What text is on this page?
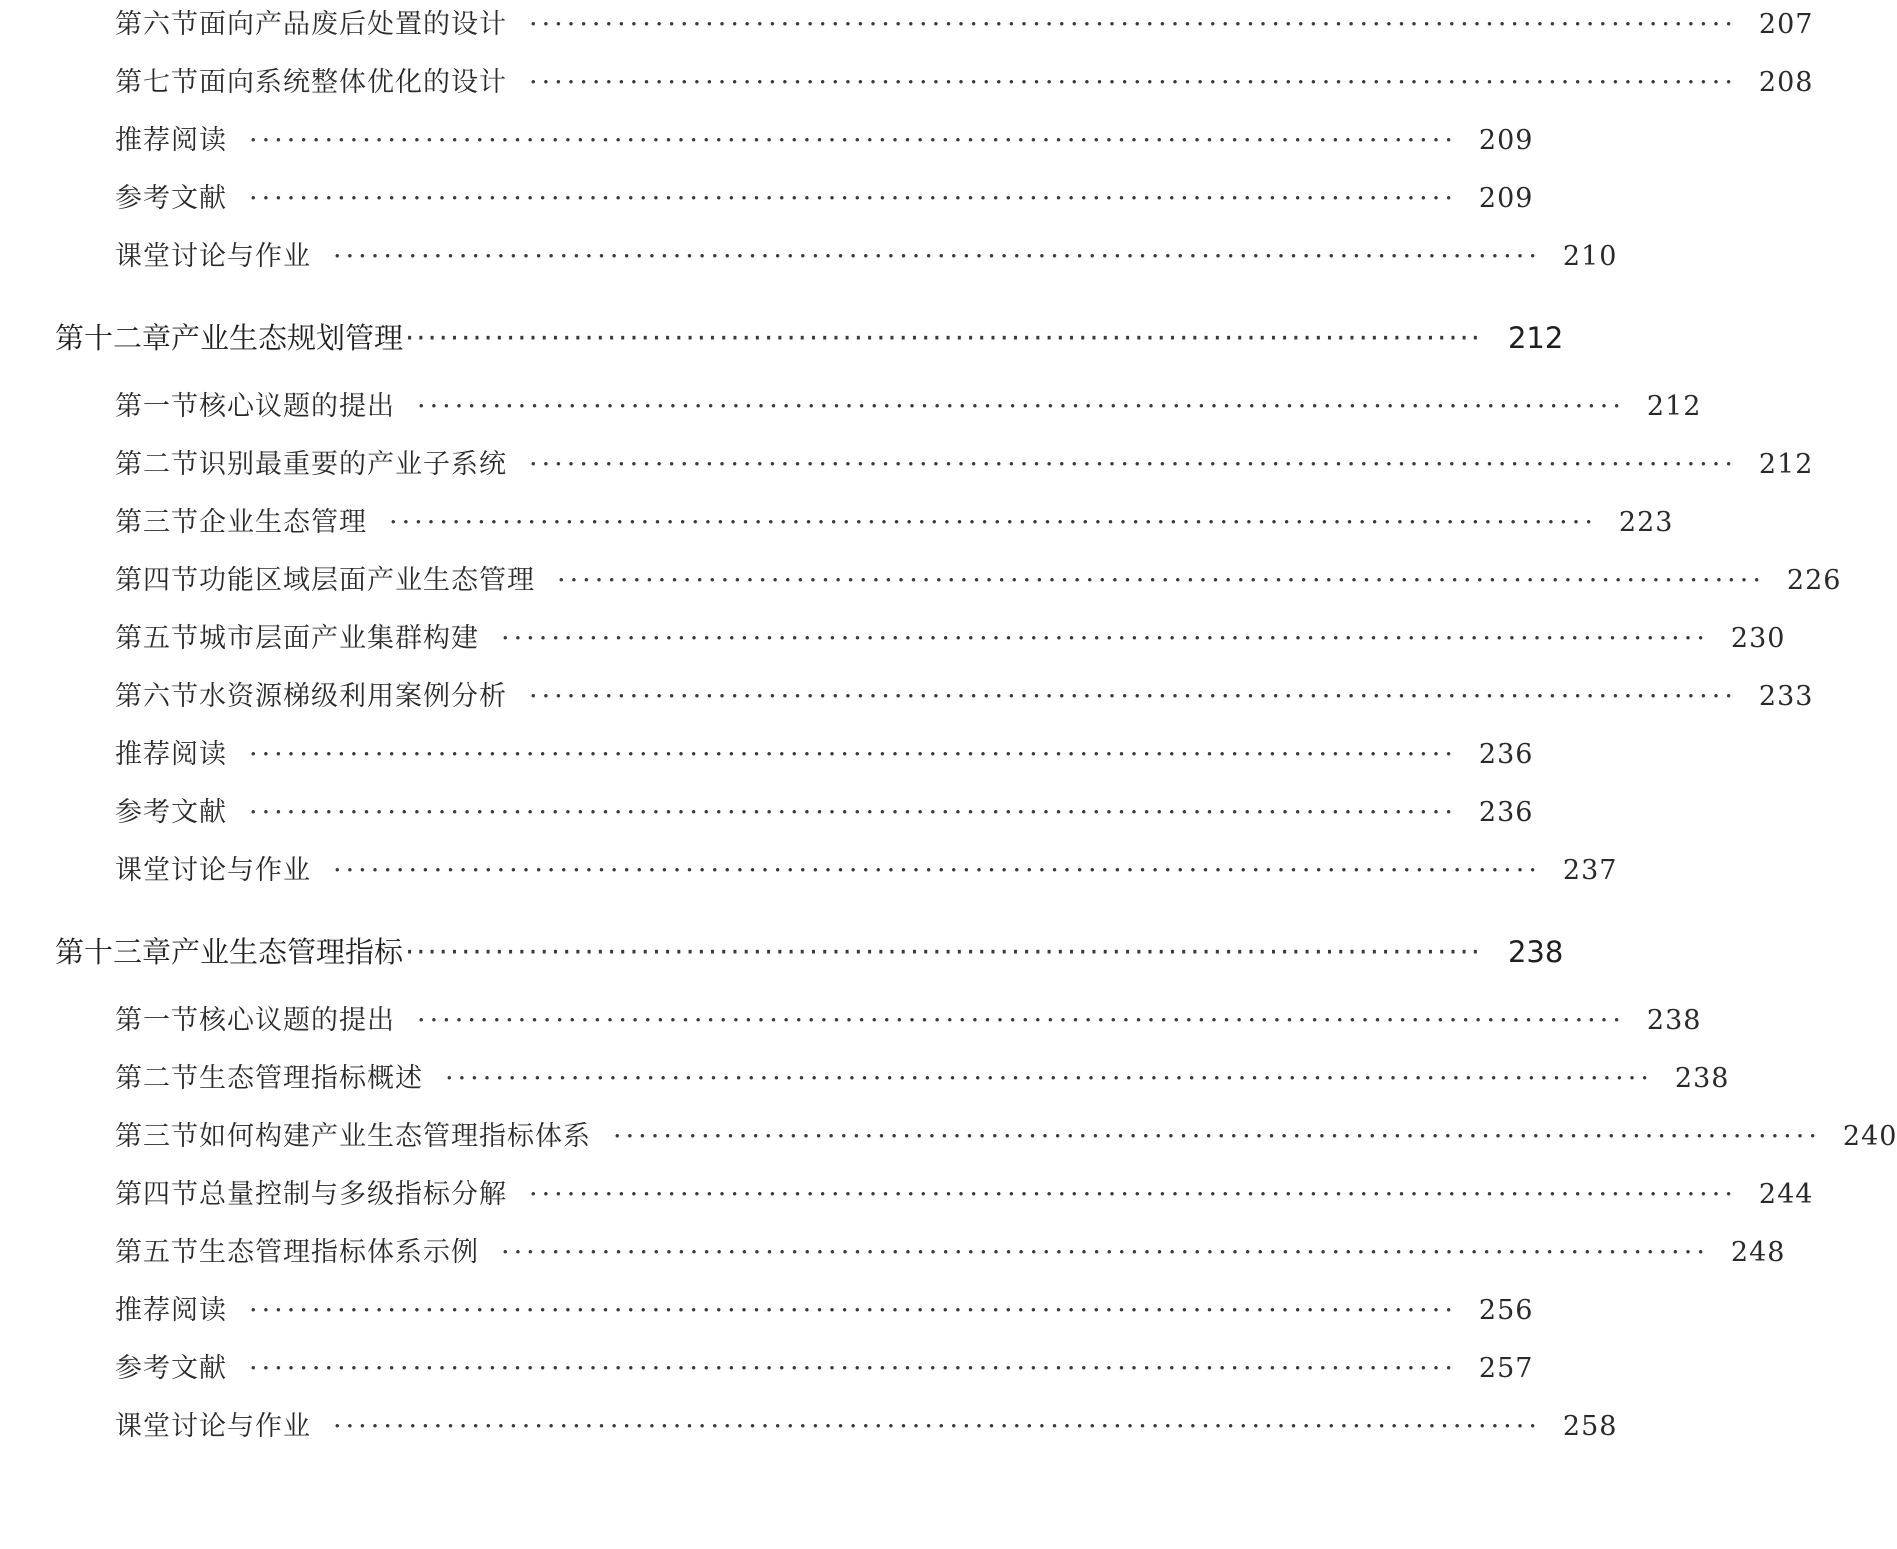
第六节 面向产品废后处置的设计 ································································································ 207
第七节 面向系统整体优化的设计 ································································································ 208
推荐阅读 ································································································ 209
参考文献 ································································································ 209
课堂讨论与作业 ································································································ 210
第十二章 产业生态规划管理 ································································································ 212
第一节 核心议题的提出 ································································································ 212
第二节 识别最重要的产业子系统 ································································································ 212
第三节 企业生态管理 ································································································ 223
第四节 功能区域层面产业生态管理 ································································································ 226
第五节 城市层面产业集群构建 ································································································ 230
第六节 水资源梯级利用案例分析 ································································································ 233
推荐阅读 ································································································ 236
参考文献 ································································································ 236
课堂讨论与作业 ································································································ 237
第十三章 产业生态管理指标 ································································································ 238
第一节 核心议题的提出 ································································································ 238
第二节 生态管理指标概述 ································································································ 238
第三节 如何构建产业生态管理指标体系 ································································································ 240
第四节 总量控制与多级指标分解 ································································································ 244
第五节 生态管理指标体系示例 ································································································ 248
推荐阅读 ································································································ 256
参考文献 ································································································ 257
课堂讨论与作业 ································································································ 258
